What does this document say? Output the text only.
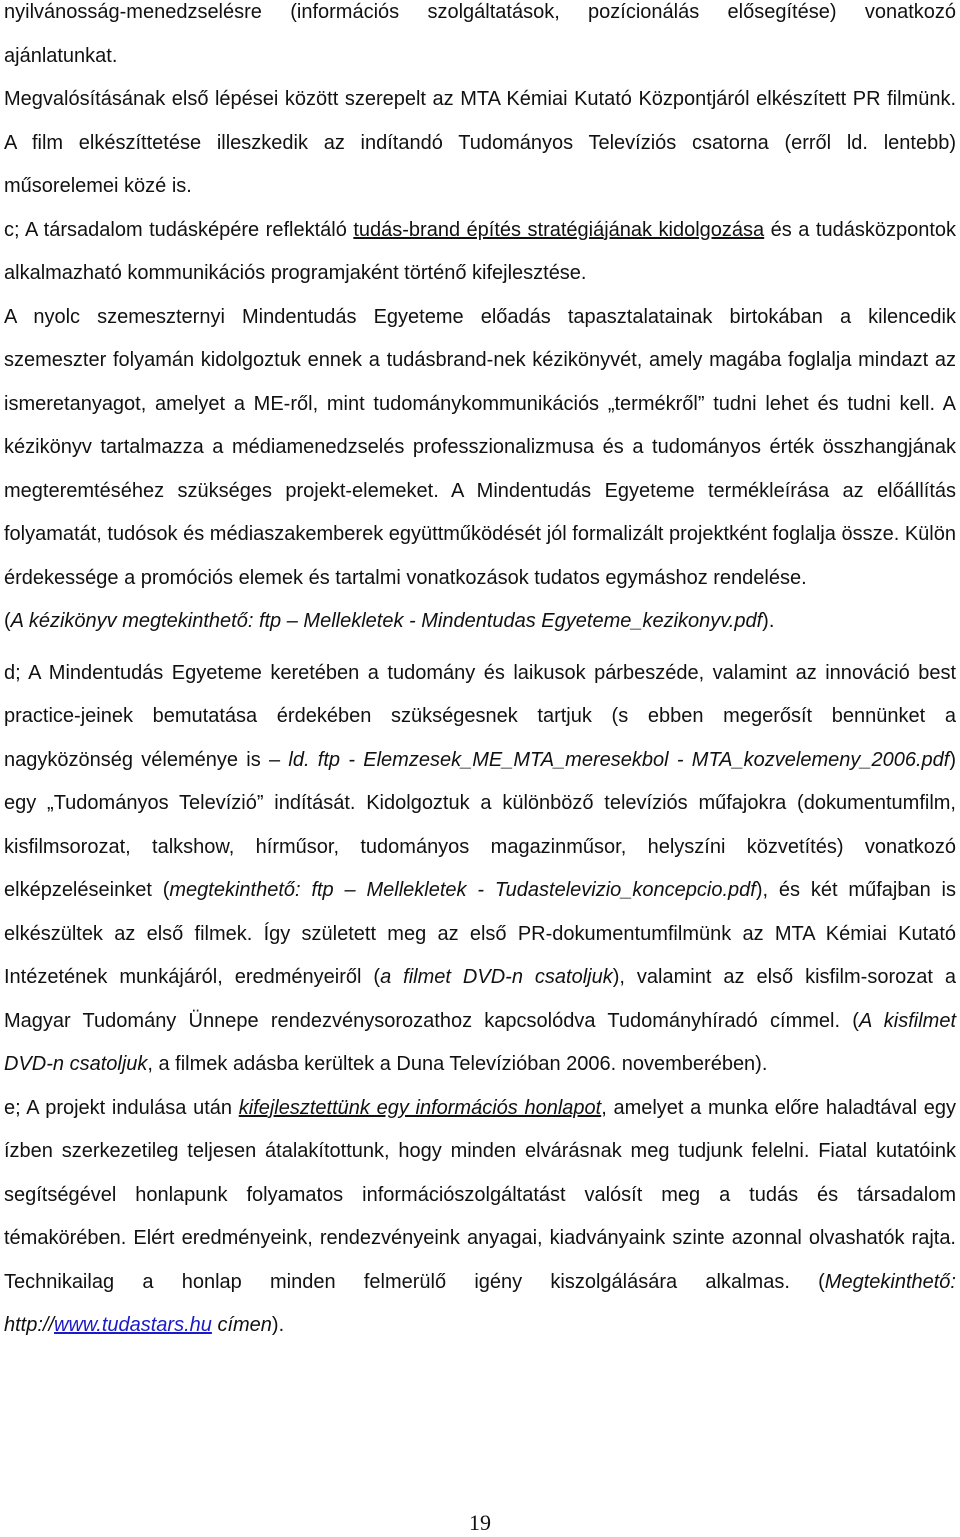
nyilvánosság-menedzselésre (információs szolgáltatások, pozícionálás elősegítése) vonatkozó ajánlatunkat.

Megvalósításának első lépései között szerepelt az MTA Kémiai Kutató Központjáról elkészített PR filmünk. A film elkészíttetése illeszkedik az indítandó Tudományos Televíziós csatorna (erről ld. lentebb) műsorelemei közé is.

c; A társadalom tudásképére reflektáló tudás-brand építés stratégiájának kidolgozása és a tudásközpontok alkalmazható kommunikációs programjaként történő kifejlesztése.

A nyolc szemeszternyi Mindentudás Egyeteme előadás tapasztalatainak birtokában a kilencedik szemeszter folyamán kidolgoztuk ennek a tudásbrand-nek kézikönyvét, amely magába foglalja mindazt az ismeretanyagot, amelyet a ME-ről, mint tudománykommunikációs „termékről” tudni lehet és tudni kell. A kézikönyv tartalmazza a médiamenedzselés professzionalizmusa és a tudományos érték összhangjának megteremtéséhez szükséges projekt-elemeket. A Mindentudás Egyeteme termékleírása az előállítás folyamatát, tudósok és médiaszakemberek együttműködését jól formalizált projektként foglalja össze. Külön érdekessége a promóciós elemek és tartalmi vonatkozások tudatos egymáshoz rendelése.

(A kézikönyv megtekinthető: ftp – Mellekletek - Mindentudas Egyeteme_kezikonyv.pdf).

d; A Mindentudás Egyeteme keretében a tudomány és laikusok párbeszéde, valamint az innováció best practice-jeinek bemutatása érdekében szükségesnek tartjuk (s ebben megerősít bennünket a nagyközönség véleménye is – ld. ftp - Elemzesek_ME_MTA_meresekbol - MTA_kozvelemeny_2006.pdf) egy „Tudományos Televízió” indítását. Kidolgoztuk a különböző televíziós műfajokra (dokumentumfilm, kisfilmsorozat, talkshow, hírműsor, tudományos magazinműsor, helyszíni közvetítés) vonatkozó elképzeléseinket (megtekinthető: ftp – Mellekletek - Tudastelevizio_koncepcio.pdf), és két műfajban is elkészültek az első filmek. Így született meg az első PR-dokumentumfilmünk az MTA Kémiai Kutató Intézetének munkájáról, eredményeiről (a filmet DVD-n csatoljuk), valamint az első kisfilm-sorozat a Magyar Tudomány Ünnepe rendezvénysorozathoz kapcsolódva Tudományhíradó címmel. (A kisfilmet DVD-n csatoljuk, a filmek adásba kerültek a Duna Televízióban 2006. novemberében).

e; A projekt indulása után kifejlesztettünk egy információs honlapot, amelyet a munka előre haladtával egy ízben szerkezetileg teljesen átalakítottunk, hogy minden elvárásnak meg tudjunk felelni. Fiatal kutatóink segítségével honlapunk folyamatos információszolgáltatást valósít meg a tudás és társadalom témakörében. Elért eredményeink, rendezvényeink anyagai, kiadványaink szinte azonnal olvashatók rajta. Technikailag a honlap minden felmerülő igény kiszolgálására alkalmas. (Megtekinthető: http://www.tudastars.hu címen).

19
